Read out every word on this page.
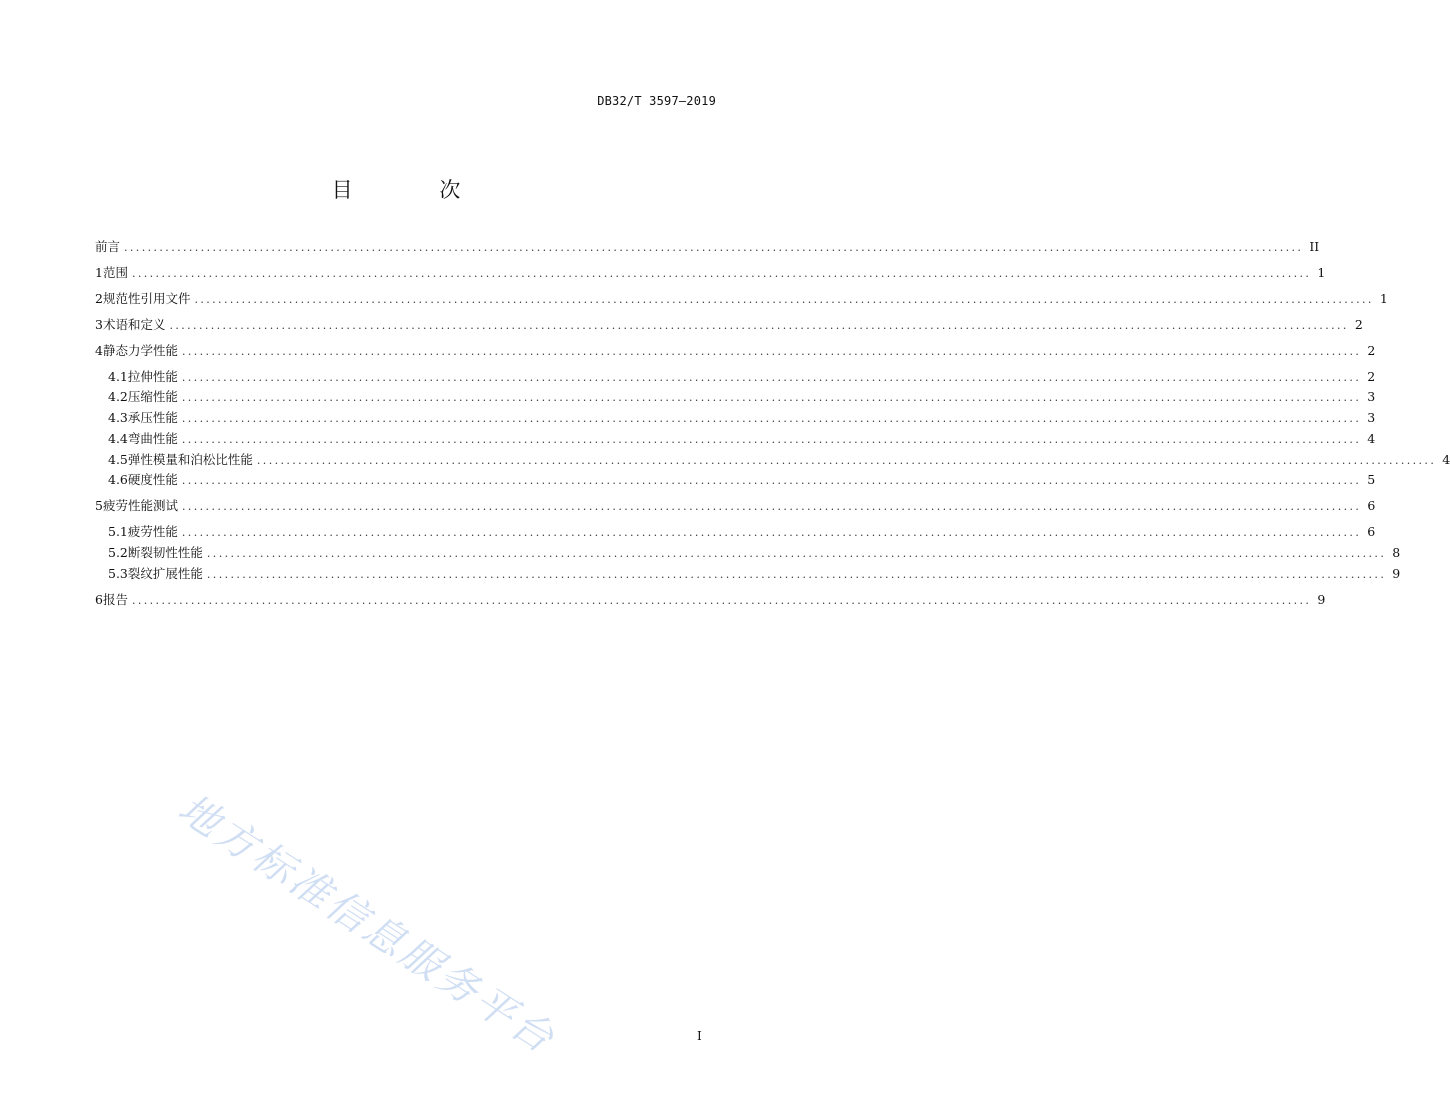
DB32/T 3597—2019
目 次
前言 ........................................................................................................................................................................................................ II
1 范围 ........................................................................................................................................................................................................ 1
2 规范性引用文件 ........................................................................................................................................................................................................ 1
3 术语和定义 ........................................................................................................................................................................................................ 2
4 静态力学性能 ........................................................................................................................................................................................................ 2
4.1 拉伸性能 ........................................................................................................................................................................................................ 2
4.2 压缩性能 ........................................................................................................................................................................................................ 3
4.3 承压性能 ........................................................................................................................................................................................................ 3
4.4 弯曲性能 ........................................................................................................................................................................................................ 4
4.5 弹性模量和泊松比性能 ........................................................................................................................................................................................................ 4
4.6 硬度性能 ........................................................................................................................................................................................................ 5
5 疲劳性能测试 ........................................................................................................................................................................................................ 6
5.1 疲劳性能 ........................................................................................................................................................................................................ 6
5.2 断裂韧性性能 ........................................................................................................................................................................................................ 8
5.3 裂纹扩展性能 ........................................................................................................................................................................................................ 9
6 报告 ........................................................................................................................................................................................................ 9
地方标准信息服务平台	I
